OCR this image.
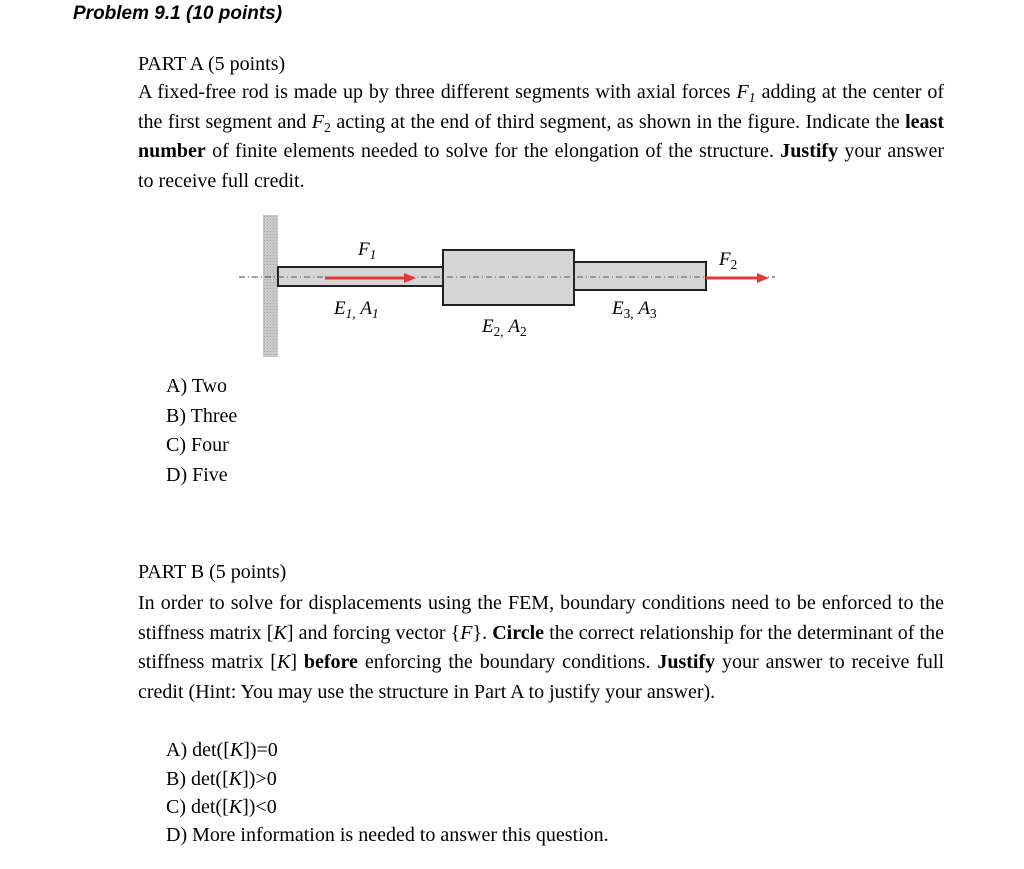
Problem 9.1 (10 points)
PART A (5 points)
A fixed-free rod is made up by three different segments with axial forces $F_1$ adding at the center of the first segment and $F_2$ acting at the end of third segment, as shown in the figure. Indicate the least number of finite elements needed to solve for the elongation of the structure. Justify your answer to receive full credit.
$F_1$	$F_2$
$E_{1,}$ $A_1$
$E_{2,}$ $A_2$
$E_{3,}$ $A_3$
A) Two
B) Three
C) Four
D) Five
PART B (5 points)
In order to solve for displacements using the FEM, boundary conditions need to be enforced to the stiffness matrix [K] and forcing vector {F}. Circle the correct relationship for the determinant of the stiffness matrix [K] before enforcing the boundary conditions. Justify your answer to receive full credit (Hint: You may use the structure in Part A to justify your answer).
A) det([K])=0
B) det([K])>0
C) det([K])<0
D) More information is needed to answer this question.
